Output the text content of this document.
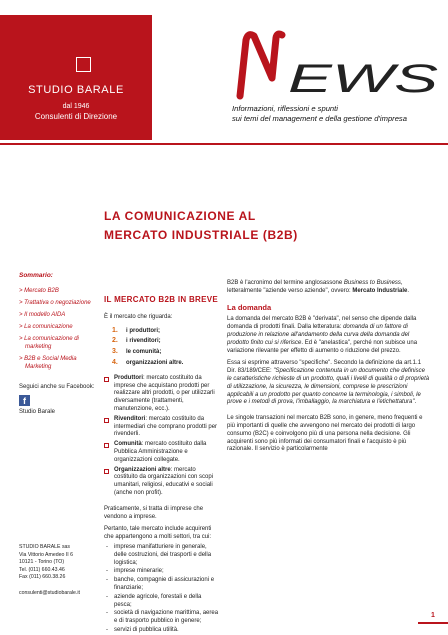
STUDIO BARALE
dal 1946
Consulenti di Direzione
EWS
Informazioni, riflessioni e spunti
sui temi del management e della gestione d'impresa
LA COMUNICAZIONE AL
MERCATO INDUSTRIALE (B2B)
Sommario:
> Mercato B2B
> Trattativa o negoziazione
> Il modello AIDA
> La comunicazione
> La comunicazione di marketing
> B2B e Social Media Marketing
Seguici anche su Facebook:
f
Studio Barale
STUDIO BARALE sas
Via Vittorio Amedeo II 6
10121 - Torino (TO)
Tel. (011) 660.43.46
Fax (011) 660.38.26
consulenti@studiobarale.it
IL MERCATO B2B IN BREVE

È il mercato che riguarda:

1. i produttori;
2. i rivenditori;
3. le comunità;
4. organizzazioni altre.
Produttori: mercato costituito da imprese che acquistano prodotti per realizzare altri prodotti, o per utilizzarli diversamente (trattamenti, manutenzione, ecc.).
Rivenditori: mercato costituito da intermediari che comprano prodotti per rivenderli.
Comunità: mercato costituito dalla Pubblica Amministrazione e organizzazioni collegate.
Organizzazioni altre: mercato costituito da organizzazioni con scopi umanitari, religiosi, educativi e sociali (anche non profit).

Praticamente, si tratta di imprese che vendono a imprese.

Pertanto, tale mercato include acquirenti che appartengono a molti settori, tra cui:

- imprese manifatturiere in generale, delle costruzioni, dei trasporti e della logistica;
- imprese minerarie;
- banche, compagnie di assicurazioni e finanziarie;
- aziende agricole, forestali e della pesca;
- società di navigazione marittima, aerea e di trasporto pubblico in genere;
- servizi di pubblica utilità.

B2B è l'acronimo del termine anglosassone Business to Business, letteralmente "aziende verso aziende", ovvero: Mercato Industriale.

La domanda

La domanda del mercato B2B è "derivata", nel senso che dipende dalla domanda di prodotti finali. Dalla letteratura: domanda di un fattore di produzione in relazione all'andamento della curva della domanda del prodotto finito cui si riferisce. Ed è "anelastica", perché non subisce una variazione rilevante per effetto di aumento o riduzione del prezzo.

Essa si esprime attraverso "specifiche". Secondo la definizione da art.1.1 Dir. 83/189/CEE: "Specificazione contenuta in un documento che definisce le caratteristiche richieste di un prodotto, quali i livelli di qualità o di proprietà di utilizzazione, la sicurezza, le dimensioni, comprese le prescrizioni applicabili a un prodotto per quanto concerne la terminologia, i simboli, le prove e i metodi di prova, l'imballaggio, la marchiatura e l'etichettatura".

Le singole transazioni nel mercato B2B sono, in genere, meno frequenti e più importanti di quelle che avvengono nel mercato dei prodotti di largo consumo (B2C) e coinvolgono più di una persona nella decisione. Gli acquirenti sono più informati dei consumatori finali e l'acquisto è più razionale. Il servizio è particolarmente

1
